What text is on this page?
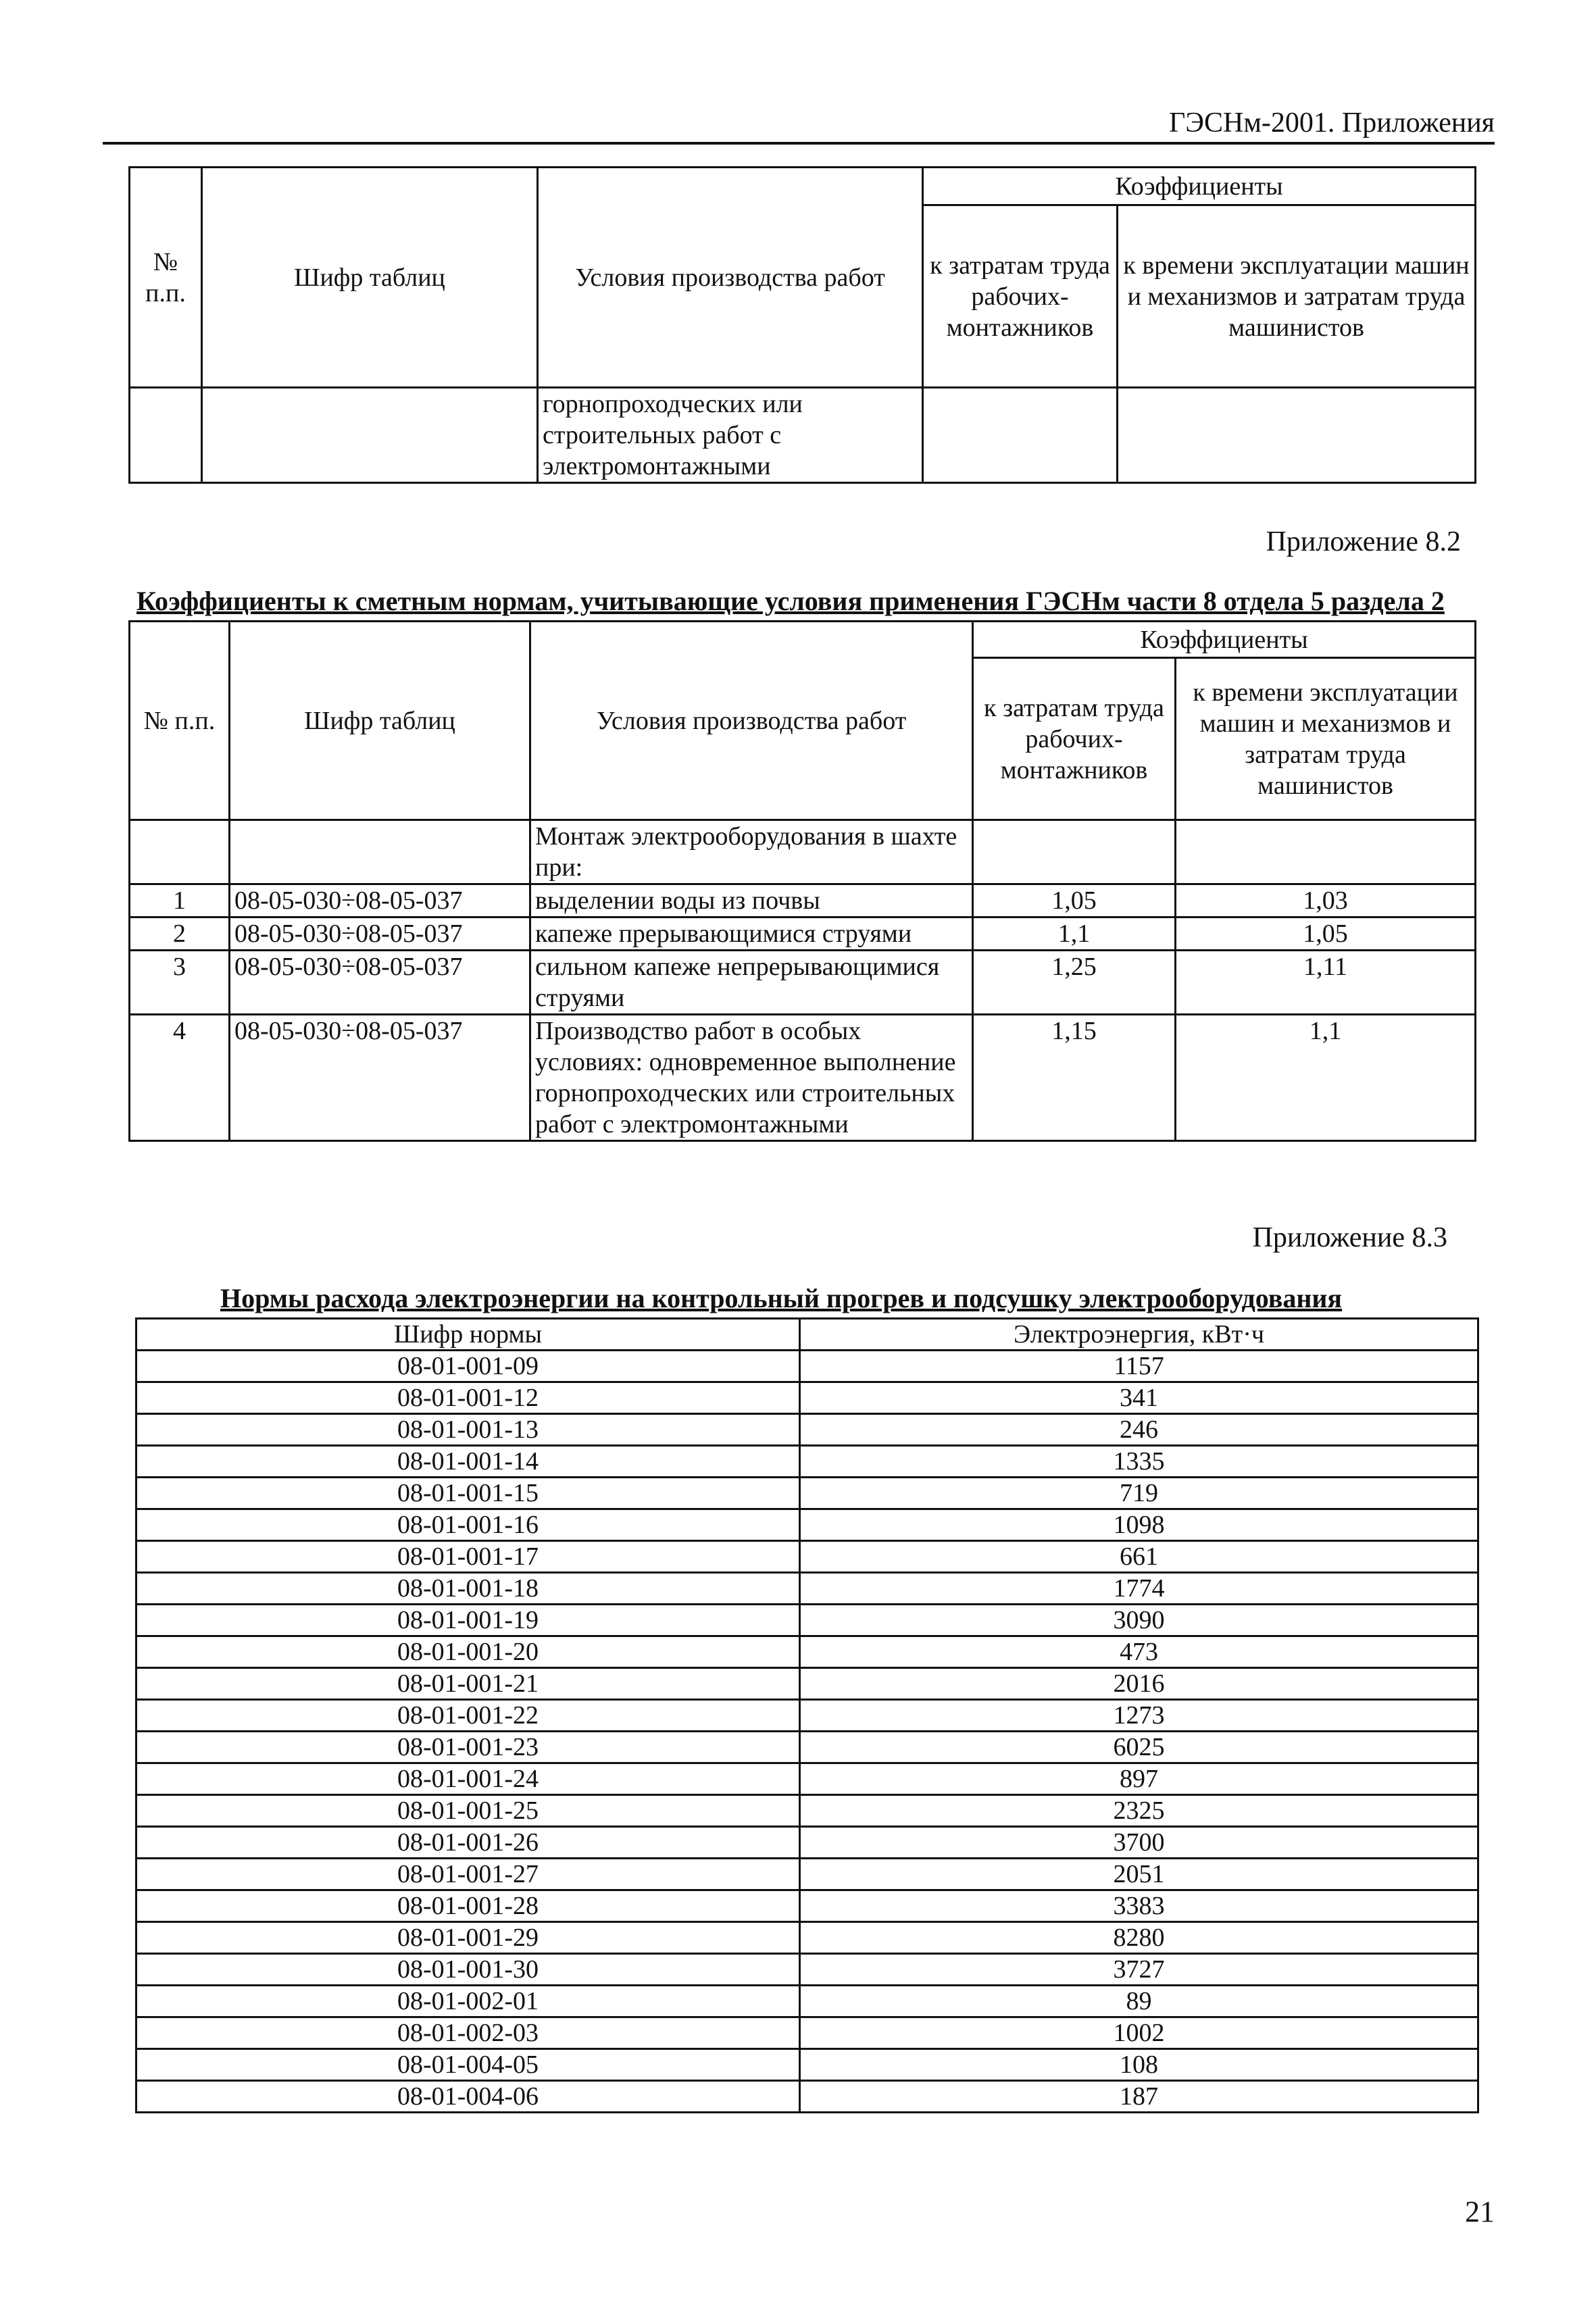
ГЭСНм-2001. Приложения
№ п.п.	Шифр таблиц	Условия производства работ	Коэффициенты	
			к затратам труда рабочих-монтажников	к времени эксплуатации машин и механизмов и затратам труда машинистов
		горнопроходческих или строительных работ с электромонтажными		
Приложение 8.2
Коэффициенты к сметным нормам, учитывающие условия применения ГЭСНм части 8 отдела 5 раздела 2
№ п.п.	Шифр таблиц	Условия производства работ	Коэффициенты	
			к затратам труда рабочих-монтажников	к времени эксплуатации машин и механизмов и затратам труда машинистов
		Монтаж электрооборудования в шахте при:		
1	08-05-030÷08-05-037	выделении воды из почвы	1,05	1,03
2	08-05-030÷08-05-037	капеже прерывающимися струями	1,1	1,05
3	08-05-030÷08-05-037	сильном капеже непрерывающимися струями	1,25	1,11
4	08-05-030÷08-05-037	Производство работ в особых условиях: одновременное выполнение горнопроходческих или строительных работ с электромонтажными	1,15	1,1
Приложение 8.3
Нормы расхода электроэнергии на контрольный прогрев и подсушку электрооборудования
Шифр нормы	Электроэнергия, кВт·ч
08-01-001-09	1157
08-01-001-12	341
08-01-001-13	246
08-01-001-14	1335
08-01-001-15	719
08-01-001-16	1098
08-01-001-17	661
08-01-001-18	1774
08-01-001-19	3090
08-01-001-20	473
08-01-001-21	2016
08-01-001-22	1273
08-01-001-23	6025
08-01-001-24	897
08-01-001-25	2325
08-01-001-26	3700
08-01-001-27	2051
08-01-001-28	3383
08-01-001-29	8280
08-01-001-30	3727
08-01-002-01	89
08-01-002-03	1002
08-01-004-05	108
08-01-004-06	187
21
